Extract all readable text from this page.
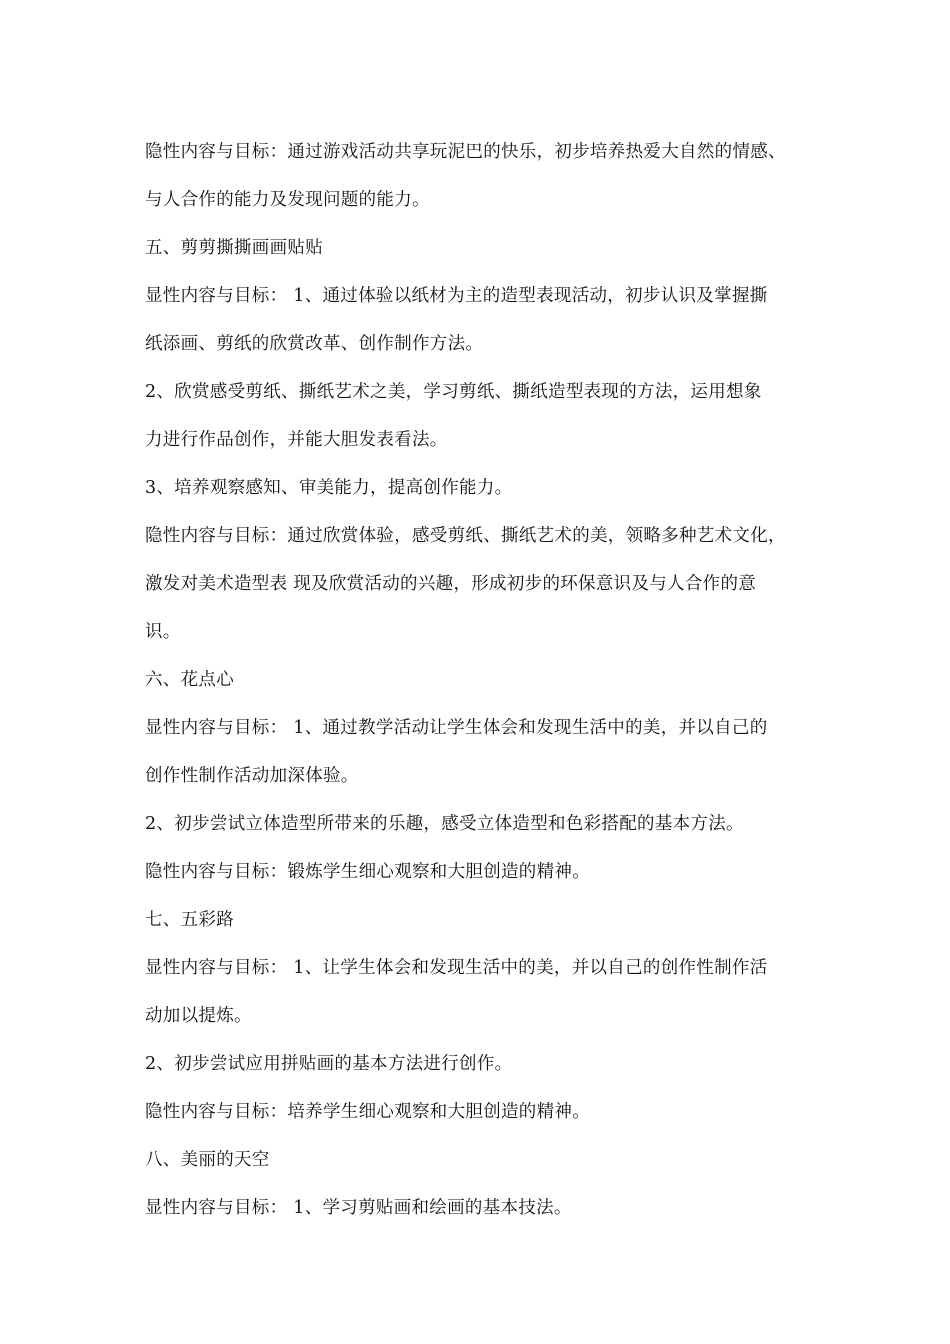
隐性内容与目标：通过游戏活动共享玩泥巴的快乐，初步培养热爱大自然的情感、
与人合作的能力及发现问题的能力。
五、剪剪撕撕画画贴贴
显性内容与目标： 1、通过体验以纸材为主的造型表现活动，初步认识及掌握撕
纸添画、剪纸的欣赏改革、创作制作方法。
2、欣赏感受剪纸、撕纸艺术之美，学习剪纸、撕纸造型表现的方法，运用想象
力进行作品创作，并能大胆发表看法。
3、培养观察感知、审美能力，提高创作能力。
隐性内容与目标：通过欣赏体验，感受剪纸、撕纸艺术的美，领略多种艺术文化，
激发对美术造型表 现及欣赏活动的兴趣，形成初步的环保意识及与人合作的意
识。
六、花点心
显性内容与目标： 1、通过教学活动让学生体会和发现生活中的美，并以自己的
创作性制作活动加深体验。
2、初步尝试立体造型所带来的乐趣，感受立体造型和色彩搭配的基本方法。
隐性内容与目标：锻炼学生细心观察和大胆创造的精神。
七、五彩路
显性内容与目标： 1、让学生体会和发现生活中的美，并以自己的创作性制作活
动加以提炼。
2、初步尝试应用拼贴画的基本方法进行创作。
隐性内容与目标：培养学生细心观察和大胆创造的精神。
八、美丽的天空
显性内容与目标： 1、学习剪贴画和绘画的基本技法。
